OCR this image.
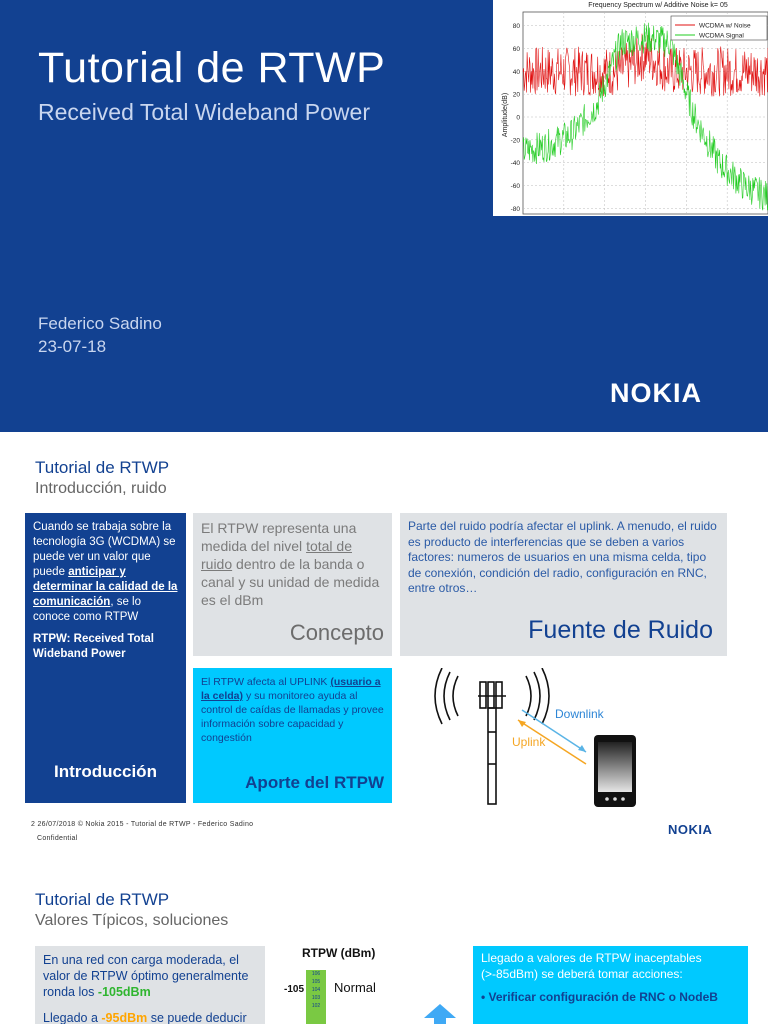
Tutorial de RTWP
Received Total Wideband Power
Federico Sadino
23-07-18
NOKIA
Frequency Spectrum w/ Additive Noise k= 05
Amplitude(dB)
80
60
40
20
0
-20
-40
-60
-80
WCDMA w/ Noise
WCDMA Signal
Tutorial de RTWP
Introducción, ruido

Cuando se trabaja sobre la tecnología 3G (WCDMA) se puede ver un valor que puede anticipar y determinar la calidad de la comunicación, se lo conoce como RTPW

RTPW: Received Total Wideband Power

Introducción
El RTPW representa una medida del nivel total de ruido dentro de la banda o canal y su unidad de medida es el dBm
Concepto
Parte del ruido podría afectar el uplink. A menudo, el ruido es producto de interferencias que se deben a varios factores: numeros de usuarios en una misma celda, tipo de conexión, condición del radio, configuración en RNC, entre otros…
Fuente de Ruido
El RTPW afecta al UPLINK (usuario a la celda) y su monitoreo ayuda al control de caídas de llamadas y provee información sobre capacidad y congestión
Aporte del RTPW
Downlink
Uplink
2 26/07/2018 © Nokia 2015 - Tutorial de RTWP - Federico Sadino
Confidential
NOKIA
Tutorial de RTWP
Valores Típicos, soluciones
En una red con carga moderada, el valor de RTPW óptimo generalmente ronda los -105dBm
Llegado a -95dBm se puede deducir
RTPW (dBm)
-105
106
105
104
103
102
Normal
Llegado a valores de RTPW inaceptables (>-85dBm) se deberá tomar acciones:
• Verificar configuración de RNC o NodeB
